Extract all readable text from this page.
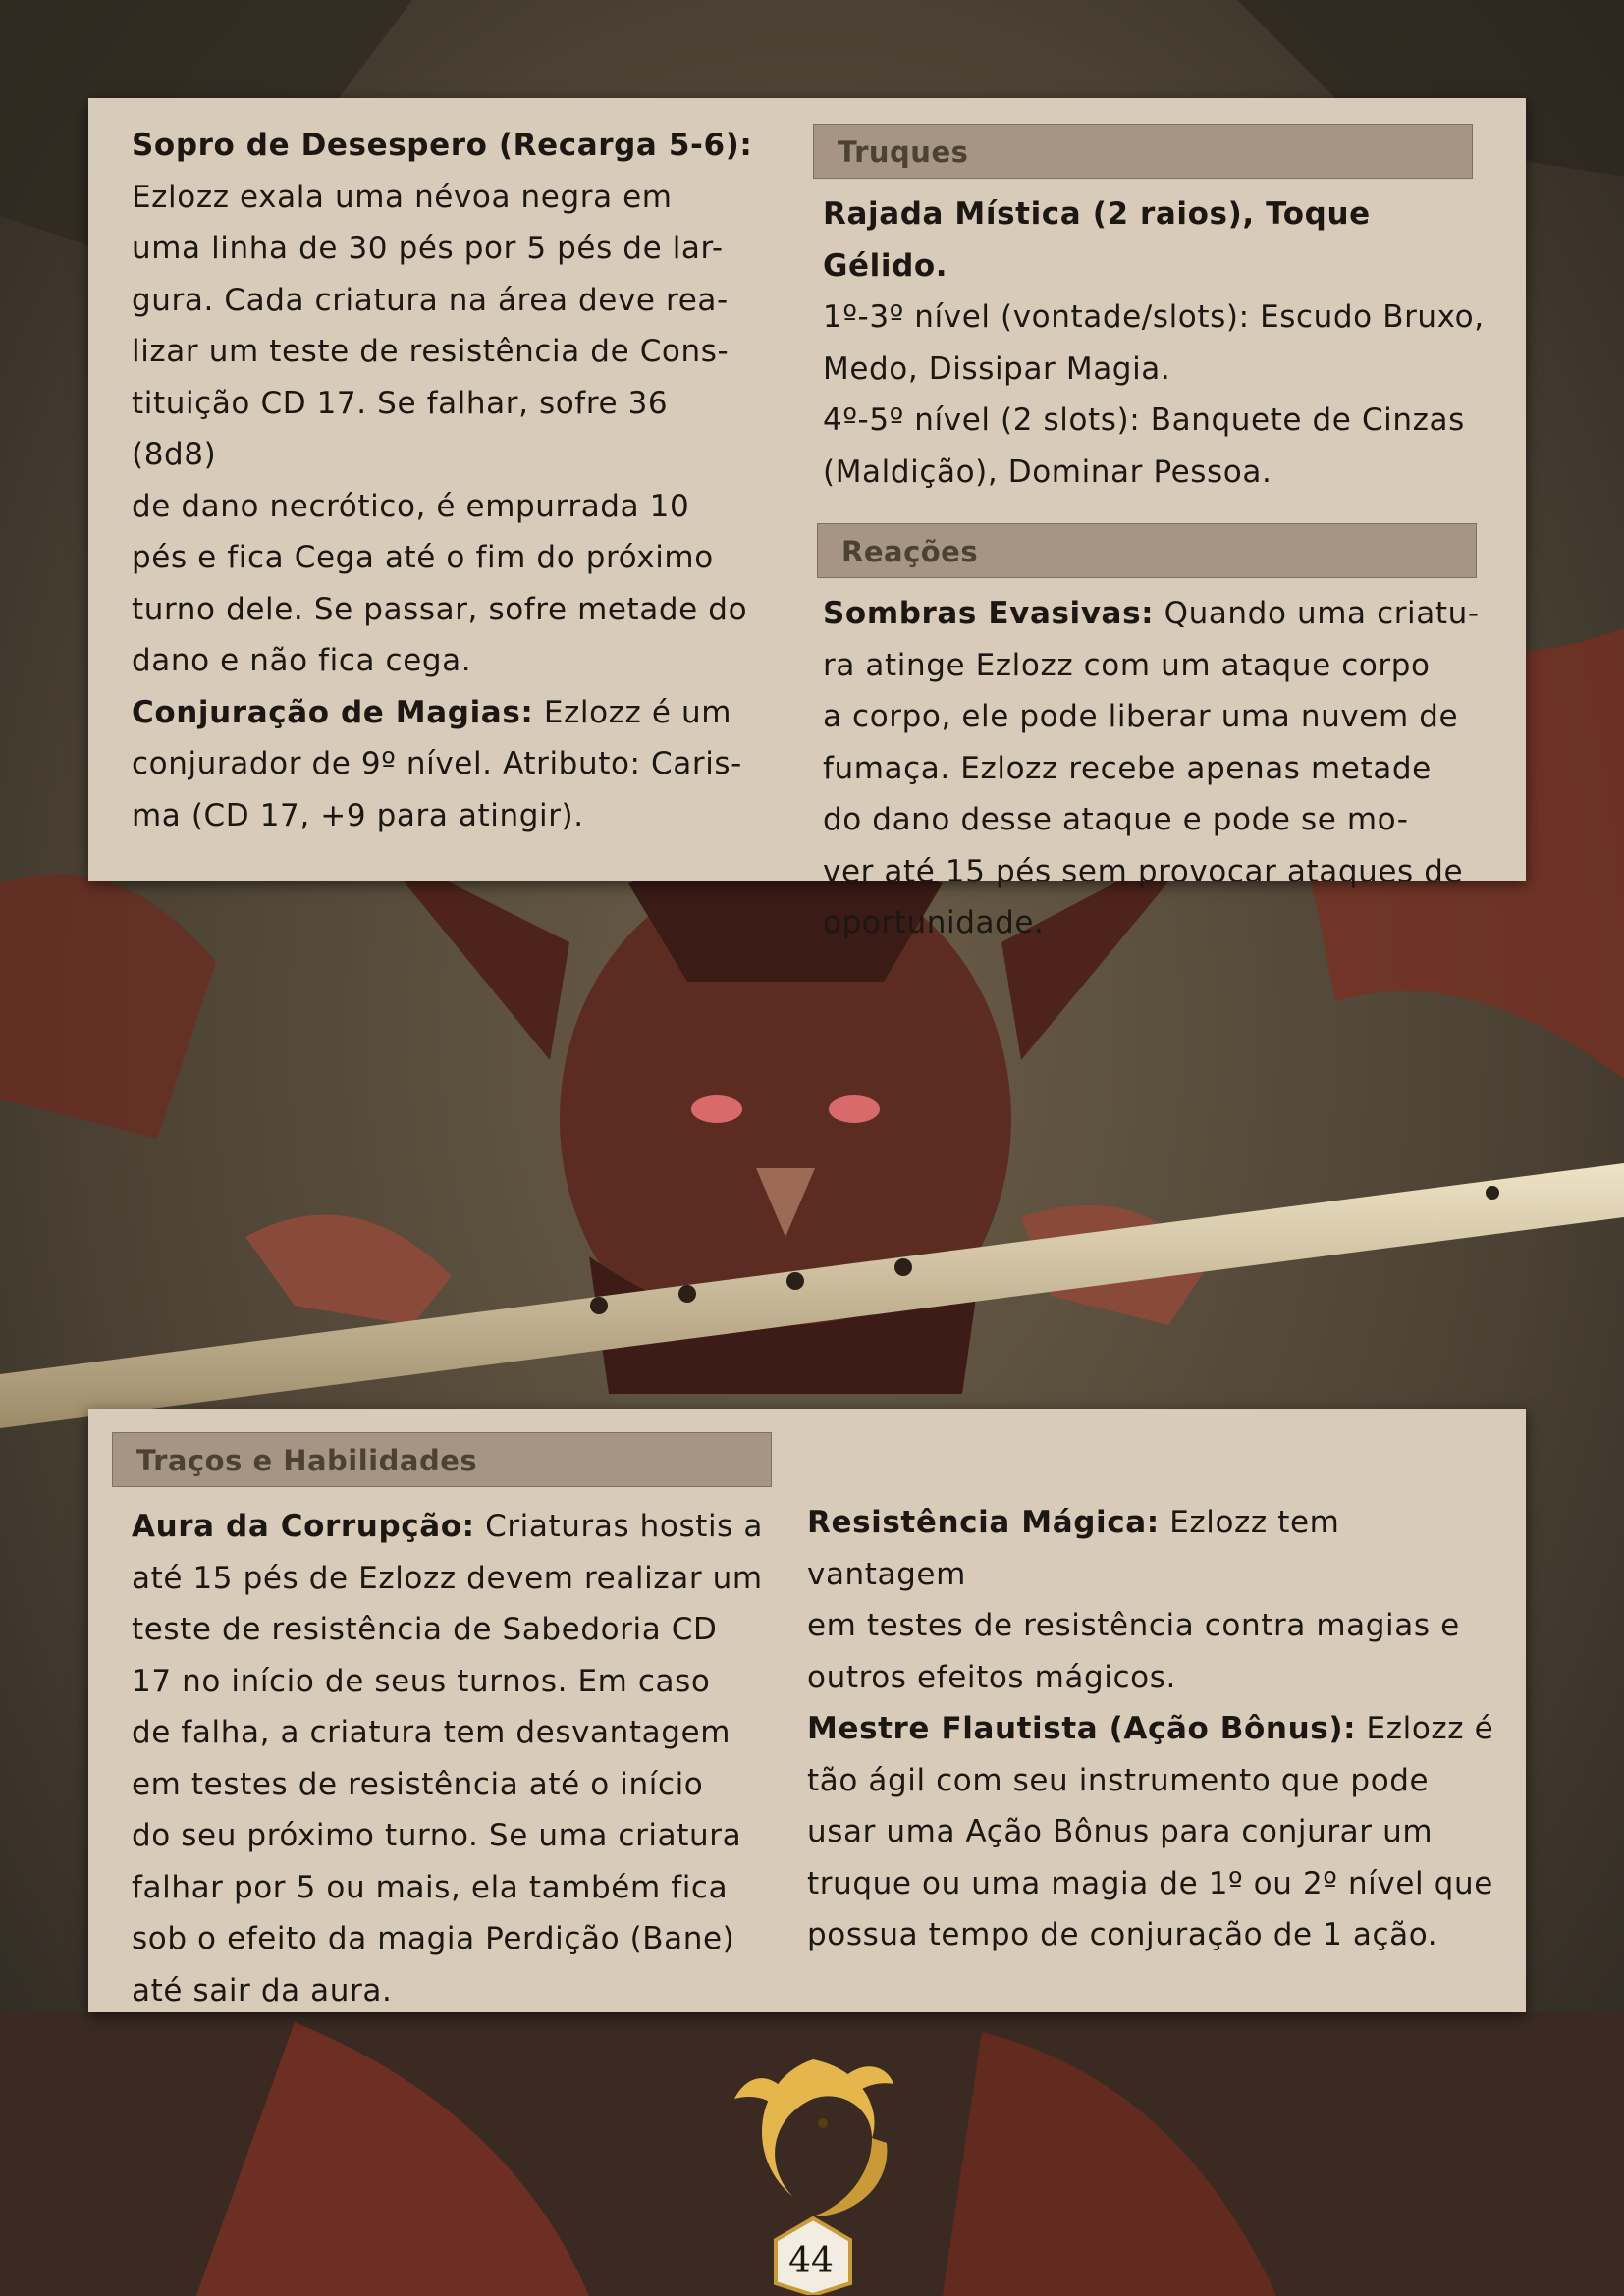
Sopro de Desespero (Recarga 5-6):
Ezlozz exala uma névoa negra em
uma linha de 30 pés por 5 pés de lar-
gura. Cada criatura na área deve rea-
lizar um teste de resistência de Cons-
tituição CD 17. Se falhar, sofre 36 (8d8)
de dano necrótico, é empurrada 10
pés e fica Cega até o fim do próximo
turno dele. Se passar, sofre metade do
dano e não fica cega.

Conjuração de Magias: Ezlozz é um
conjurador de 9º nível. Atributo: Caris-
ma (CD 17, +9 para atingir).

Truques

Rajada Mística (2 raios), Toque Gélido.

1º-3º nível (vontade/slots): Escudo Bruxo,
Medo, Dissipar Magia.
4º-5º nível (2 slots): Banquete de Cinzas
(Maldição), Dominar Pessoa.

Reações

Sombras Evasivas: Quando uma criatu-
ra atinge Ezlozz com um ataque corpo
a corpo, ele pode liberar uma nuvem de
fumaça. Ezlozz recebe apenas metade
do dano desse ataque e pode se mo-
ver até 15 pés sem provocar ataques de
oportunidade.

Traços e Habilidades

Aura da Corrupção: Criaturas hostis a
até 15 pés de Ezlozz devem realizar um
teste de resistência de Sabedoria CD
17 no início de seus turnos. Em caso
de falha, a criatura tem desvantagem
em testes de resistência até o início
do seu próximo turno. Se uma criatura
falhar por 5 ou mais, ela também fica
sob o efeito da magia Perdição (Bane)
até sair da aura.

Resistência Mágica: Ezlozz tem vantagem
em testes de resistência contra magias e
outros efeitos mágicos.

Mestre Flautista (Ação Bônus): Ezlozz é
tão ágil com seu instrumento que pode
usar uma Ação Bônus para conjurar um
truque ou uma magia de 1º ou 2º nível que
possua tempo de conjuração de 1 ação.

44
